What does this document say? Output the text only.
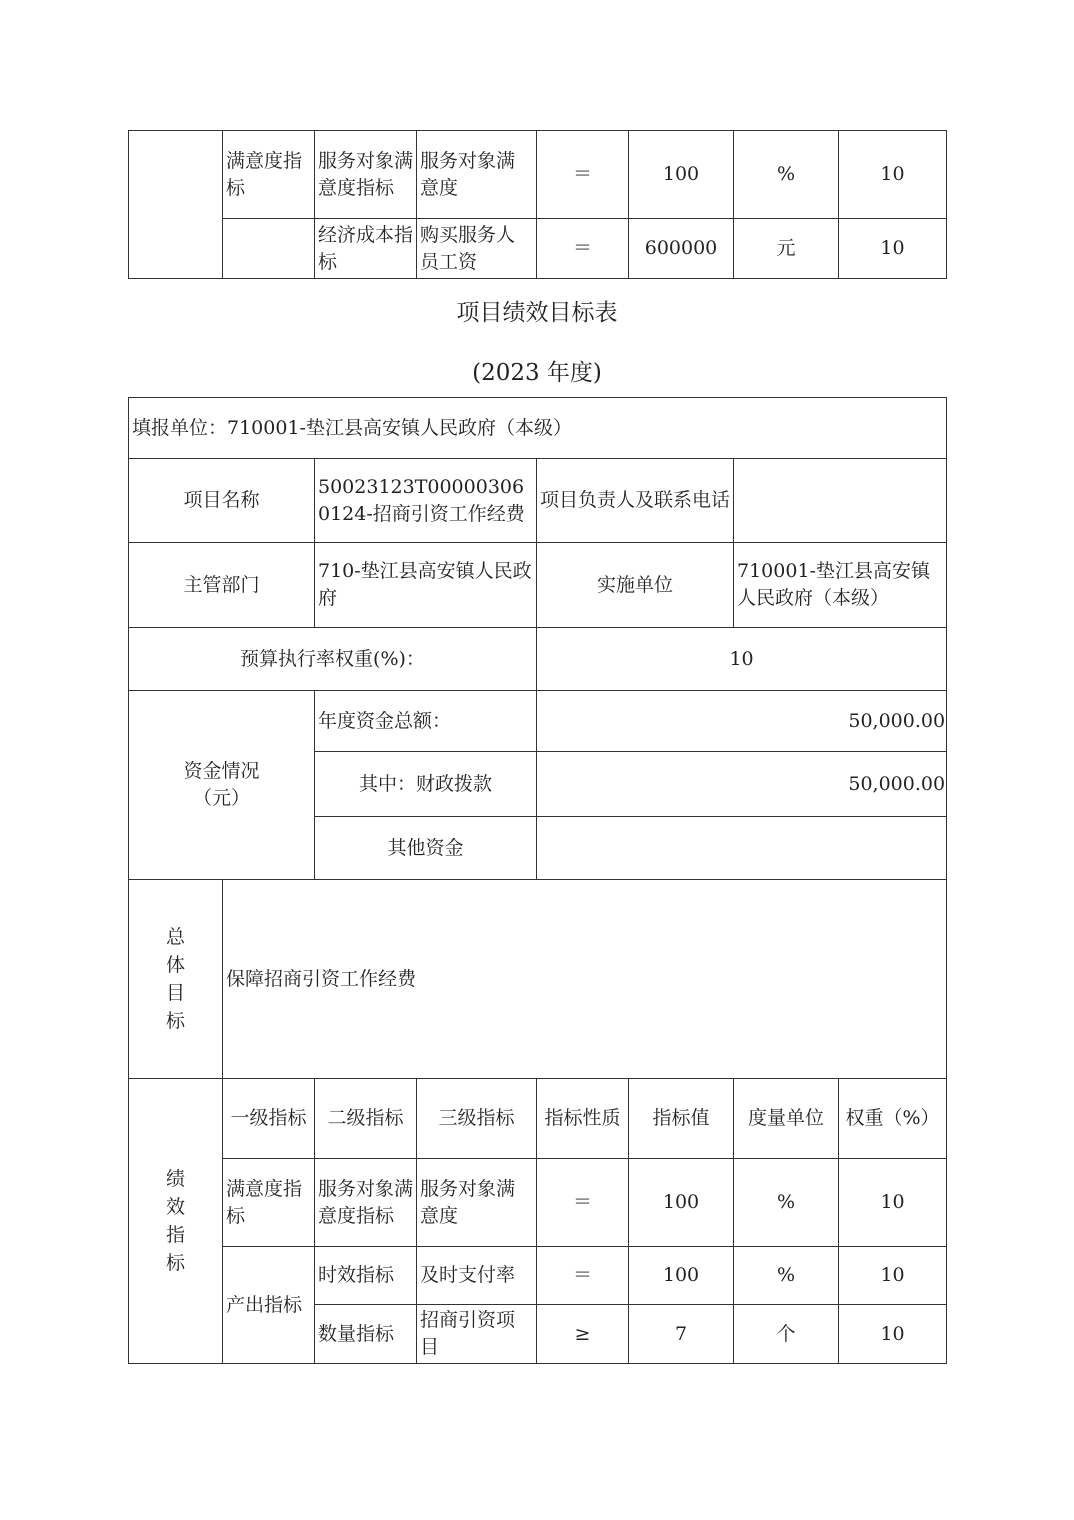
	满意度指标	服务对象满意度指标	服务对象满意度	＝	100	%	10
		经济成本指标	购买服务人员工资	＝	600000	元	10
项目绩效目标表
(2023 年度)
填报单位：710001-垫江县高安镇人民政府（本级）							
项目名称		50023123T000003060124-招商引资工作经费		项目负责人及联系电话			
主管部门		710-垫江县高安镇人民政府		实施单位		710001-垫江县高安镇人民政府（本级）	
预算执行率权重(%)：				10			
资金情况（元）		年度资金总额：		50,000.00			
		其中：财政拨款		50,000.00			
		其他资金					
总体目标	保障招商引资工作经费						
绩效指标	一级指标	二级指标	三级指标	指标性质	指标值	度量单位	权重（%）
	满意度指标	服务对象满意度指标	服务对象满意度	＝	100	%	10
	产出指标	时效指标	及时支付率	＝	100	%	10
		数量指标	招商引资项目	≥	7	个	10
